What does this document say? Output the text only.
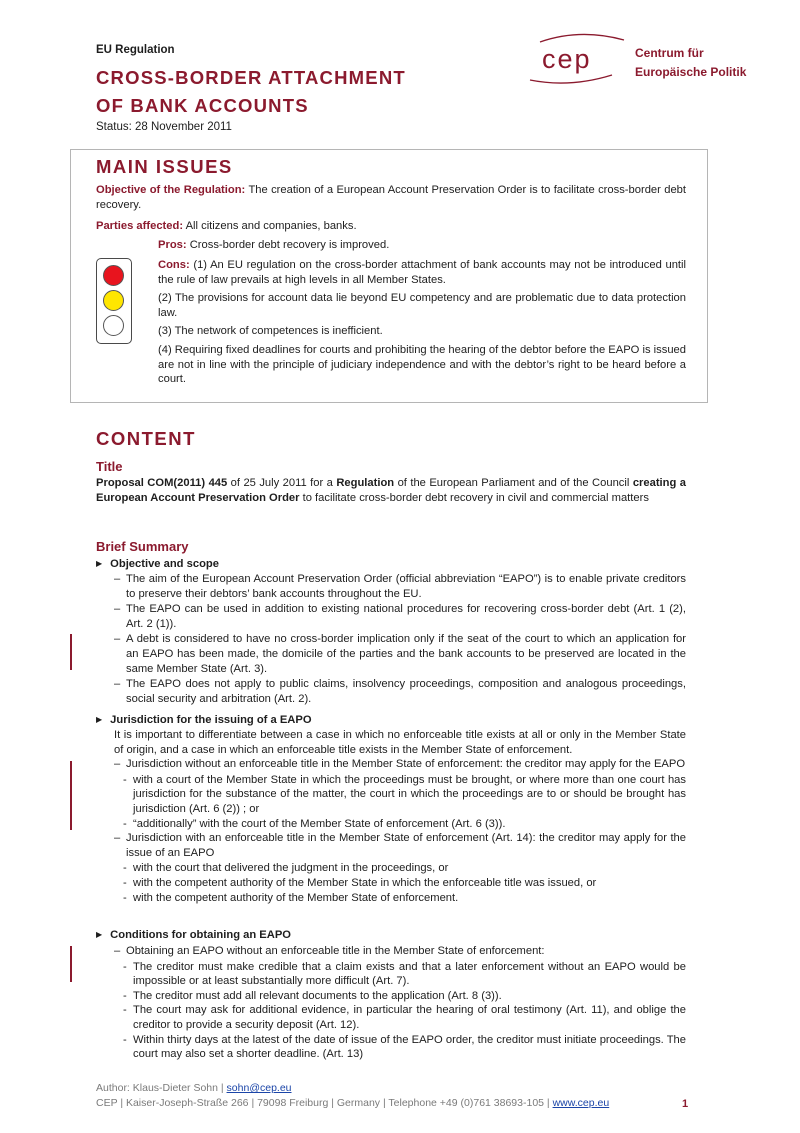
EU Regulation
CROSS-BORDER ATTACHMENT
OF BANK ACCOUNTS
Status: 28 November 2011
cep	Centrum für
Europäische Politik
MAIN ISSUES
Objective of the Regulation: The creation of a European Account Preservation Order is to facilitate cross-border debt recovery.
Parties affected: All citizens and companies, banks.
Pros: Cross-border debt recovery is improved.
Cons: (1) An EU regulation on the cross-border attachment of bank accounts may not be introduced until the rule of law prevails at high levels in all Member States.
(2) The provisions for account data lie beyond EU competency and are problematic due to data protection law.
(3) The network of competences is inefficient.
(4) Requiring fixed deadlines for courts and prohibiting the hearing of the debtor before the EAPO is issued are not in line with the principle of judiciary independence and with the debtor’s right to be heard before a court.
CONTENT
Title
Proposal COM(2011) 445 of 25 July 2011 for a Regulation of the European Parliament and of the Council creating a European Account Preservation Order to facilitate cross-border debt recovery in civil and commercial matters
Brief Summary
▶ Objective and scope
– The aim of the European Account Preservation Order (official abbreviation “EAPO”) is to enable private creditors to preserve their debtors’ bank accounts throughout the EU.
– The EAPO can be used in addition to existing national procedures for recovering cross-border debt (Art. 1 (2), Art. 2 (1)).
– A debt is considered to have no cross-border implication only if the seat of the court to which an application for an EAPO has been made, the domicile of the parties and the bank accounts to be preserved are located in the same Member State (Art. 3).
– The EAPO does not apply to public claims, insolvency proceedings, composition and analogous proceedings, social security and arbitration (Art. 2).
▶ Jurisdiction for the issuing of a EAPO
It is important to differentiate between a case in which no enforceable title exists at all or only in the Member State of origin, and a case in which an enforceable title exists in the Member State of enforcement.
– Jurisdiction without an enforceable title in the Member State of enforcement: the creditor may apply for the EAPO
- with a court of the Member State in which the proceedings must be brought, or where more than one court has jurisdiction for the substance of the matter, the court in which the proceedings are to or should be brought has jurisdiction (Art. 6 (2)) ; or
- “additionally” with the court of the Member State of enforcement (Art. 6 (3)).
– Jurisdiction with an enforceable title in the Member State of enforcement (Art. 14): the creditor may apply for the issue of an EAPO
- with the court that delivered the judgment in the proceedings, or
- with the competent authority of the Member State in which the enforceable title was issued, or
- with the competent authority of the Member State of enforcement.
▶ Conditions for obtaining an EAPO
– Obtaining an EAPO without an enforceable title in the Member State of enforcement:
- The creditor must make credible that a claim exists and that a later enforcement without an EAPO would be impossible or at least substantially more difficult (Art. 7).
- The creditor must add all relevant documents to the application (Art. 8 (3)).
- The court may ask for additional evidence, in particular the hearing of oral testimony (Art. 11), and oblige the creditor to provide a security deposit (Art. 12).
- Within thirty days at the latest of the date of issue of the EAPO order, the creditor must initiate proceedings. The court may also set a shorter deadline. (Art. 13)
Author: Klaus-Dieter Sohn | sohn@cep.eu
CEP | Kaiser-Joseph-Straße 266 | 79098 Freiburg | Germany | Telephone +49 (0)761 38693-105 | www.cep.eu	1
